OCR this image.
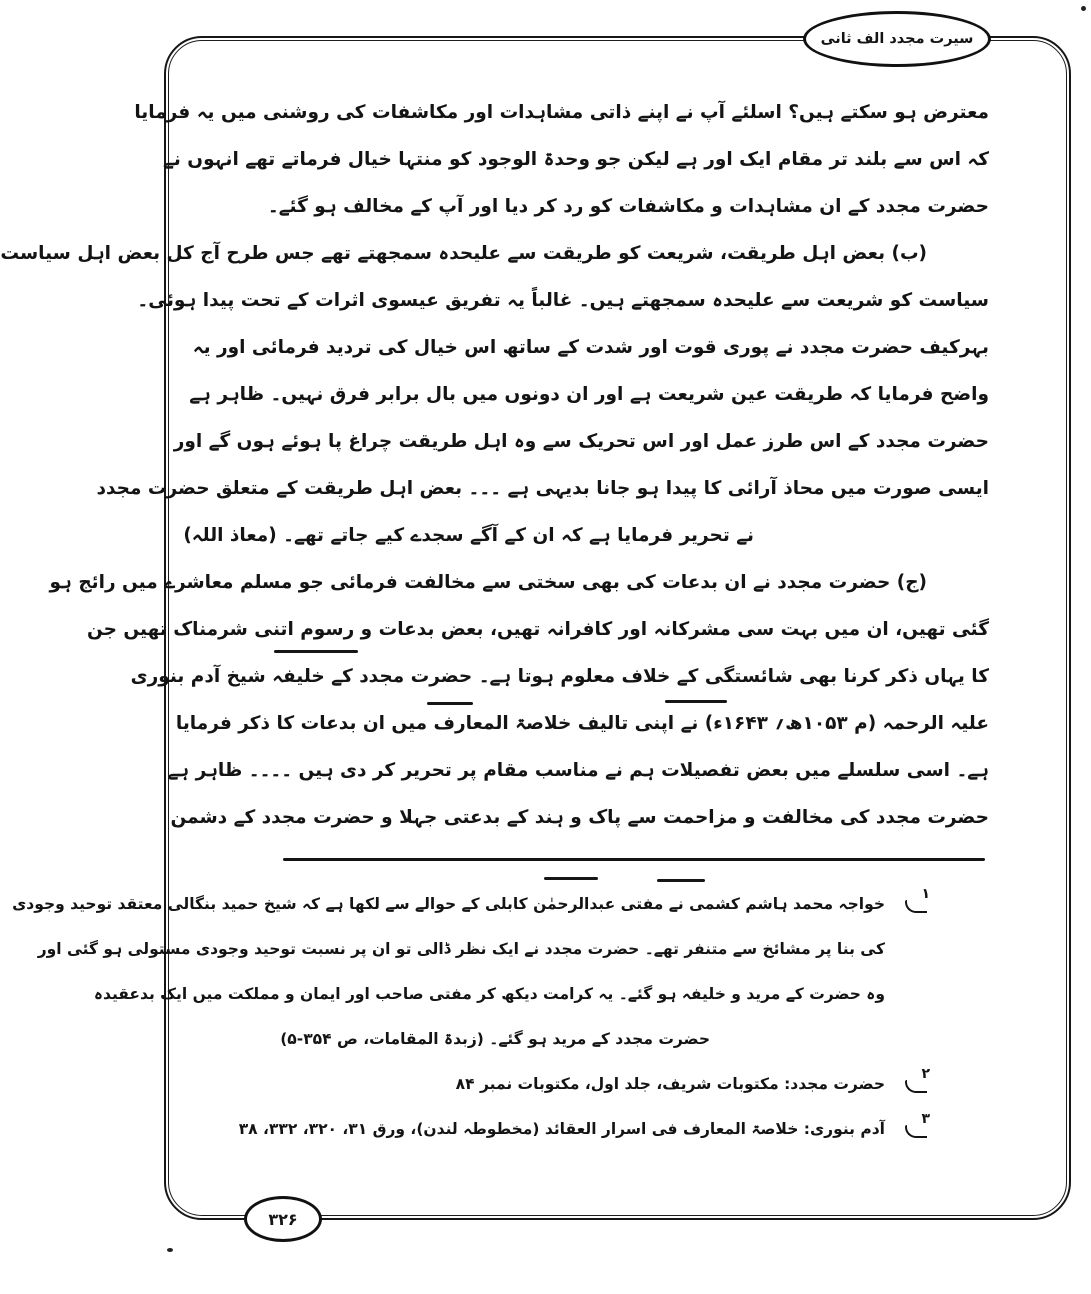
سیرت مجدد الف ثانی
معترض ہو سکتے ہیں؟ اسلئے آپ نے اپنے ذاتی مشاہدات اور مکاشفات کی روشنی میں یہ فرمایا
کہ اس سے بلند تر مقام ایک اور ہے لیکن جو وحدۃ الوجود کو منتہا خیال فرماتے تھے انہوں نے
حضرت مجدد کے ان مشاہدات و مکاشفات کو رد کر دیا اور آپ کے مخالف ہو گئے۔
(ب) بعض اہل طریقت، شریعت کو طریقت سے علیحدہ سمجھتے تھے جس طرح آج کل بعض اہل سیاست
سیاست کو شریعت سے علیحدہ سمجھتے ہیں۔ غالباً یہ تفریق عیسوی اثرات کے تحت پیدا ہوئی۔
بہرکیف حضرت مجدد نے پوری قوت اور شدت کے ساتھ اس خیال کی تردید فرمائی اور یہ
واضح فرمایا کہ طریقت عین شریعت ہے اور ان دونوں میں بال برابر فرق نہیں۔ ظاہر ہے
حضرت مجدد کے اس طرز عمل اور اس تحریک سے وہ اہل طریقت چراغ پا ہوئے ہوں گے اور
ایسی صورت میں محاذ آرائی کا پیدا ہو جانا بدیہی ہے ۔۔۔ بعض اہل طریقت کے متعلق حضرت مجدد
نے تحریر فرمایا ہے کہ ان کے آگے سجدے کیے جاتے تھے۔ (معاذ اللہ)
(ج) حضرت مجدد نے ان بدعات کی بھی سختی سے مخالفت فرمائی جو مسلم معاشرے میں رائج ہو
گئی تھیں، ان میں بہت سی مشرکانہ اور کافرانہ تھیں، بعض بدعات و رسوم اتنی شرمناک تھیں جن
کا یہاں ذکر کرنا بھی شائستگی کے خلاف معلوم ہوتا ہے۔ حضرت مجدد کے خلیفہ شیخ آدم بنوری
علیہ الرحمہ (م ۱۰۵۳ھ؍ ۱۶۴۳ء) نے اپنی تالیف خلاصۃ المعارف میں ان بدعات کا ذکر فرمایا
ہے۔ اسی سلسلے میں بعض تفصیلات ہم نے مناسب مقام پر تحریر کر دی ہیں ۔۔۔۔ ظاہر ہے
حضرت مجدد کی مخالفت و مزاحمت سے پاک و ہند کے بدعتی جہلا و حضرت مجدد کے دشمن
۱
خواجہ محمد ہاشم کشمی نے مفتی عبدالرحمٰن کابلی کے حوالے سے لکھا ہے کہ شیخ حمید بنگالی معتقد توحید وجودی
کی بنا پر مشائخ سے متنفر تھے۔ حضرت مجدد نے ایک نظر ڈالی تو ان پر نسبت توحید وجودی مستولی ہو گئی اور
وہ حضرت کے مرید و خلیفہ ہو گئے۔ یہ کرامت دیکھ کر مفتی صاحب اور ایمان و مملکت میں ایک بدعقیدہ
حضرت مجدد کے مرید ہو گئے۔ (زبدۃ المقامات، ص ۳۵۴-۵)
۲
حضرت مجدد: مکتوبات شریف، جلد اول، مکتوبات نمبر ۸۴
۳
آدم بنوری: خلاصۃ المعارف فی اسرار العقائد (مخطوطہ لندن)، ورق ۳۱، ۳۲۰، ۳۳۲، ۳۸
۳۲۶
